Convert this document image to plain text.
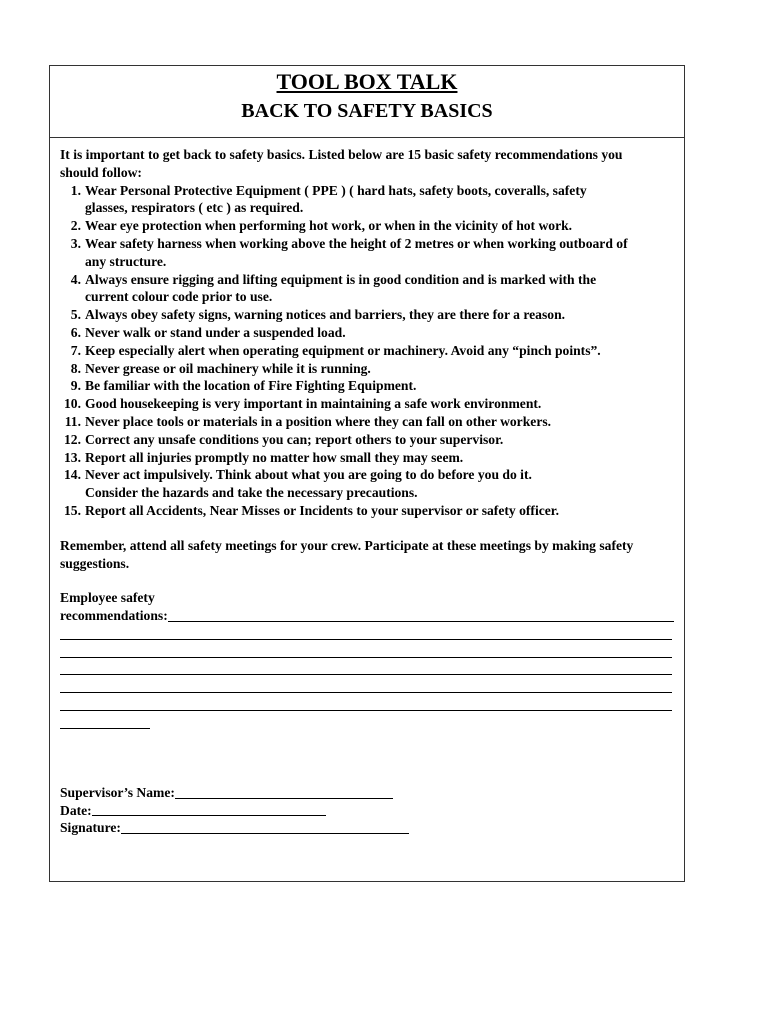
TOOL BOX TALK
BACK TO SAFETY BASICS
It is important to get back to safety basics. Listed below are 15 basic safety recommendations you
should follow:
1. Wear Personal Protective Equipment ( PPE ) ( hard hats, safety boots, coveralls, safety
glasses, respirators ( etc ) as required.
2. Wear eye protection when performing hot work, or when in the vicinity of hot work.
3. Wear safety harness when working above the height of 2 metres or when working outboard of
any structure.
4. Always ensure rigging and lifting equipment is in good condition and is marked with the
current colour code prior to use.
5. Always obey safety signs, warning notices and barriers, they are there for a reason.
6. Never walk or stand under a suspended load.
7. Keep especially alert when operating equipment or machinery. Avoid any “pinch points”.
8. Never grease or oil machinery while it is running.
9. Be familiar with the location of Fire Fighting Equipment.
10. Good housekeeping is very important in maintaining a safe work environment.
11. Never place tools or materials in a position where they can fall on other workers.
12. Correct any unsafe conditions you can; report others to your supervisor.
13. Report all injuries promptly no matter how small they may seem.
14. Never act impulsively. Think about what you are going to do before you do it.
Consider the hazards and take the necessary precautions.
15. Report all Accidents, Near Misses or Incidents to your supervisor or safety officer.
Remember, attend all safety meetings for your crew. Participate at these meetings by making safety suggestions.
Employee safety
recommendations:
Supervisor’s Name:
Date:
Signature:
